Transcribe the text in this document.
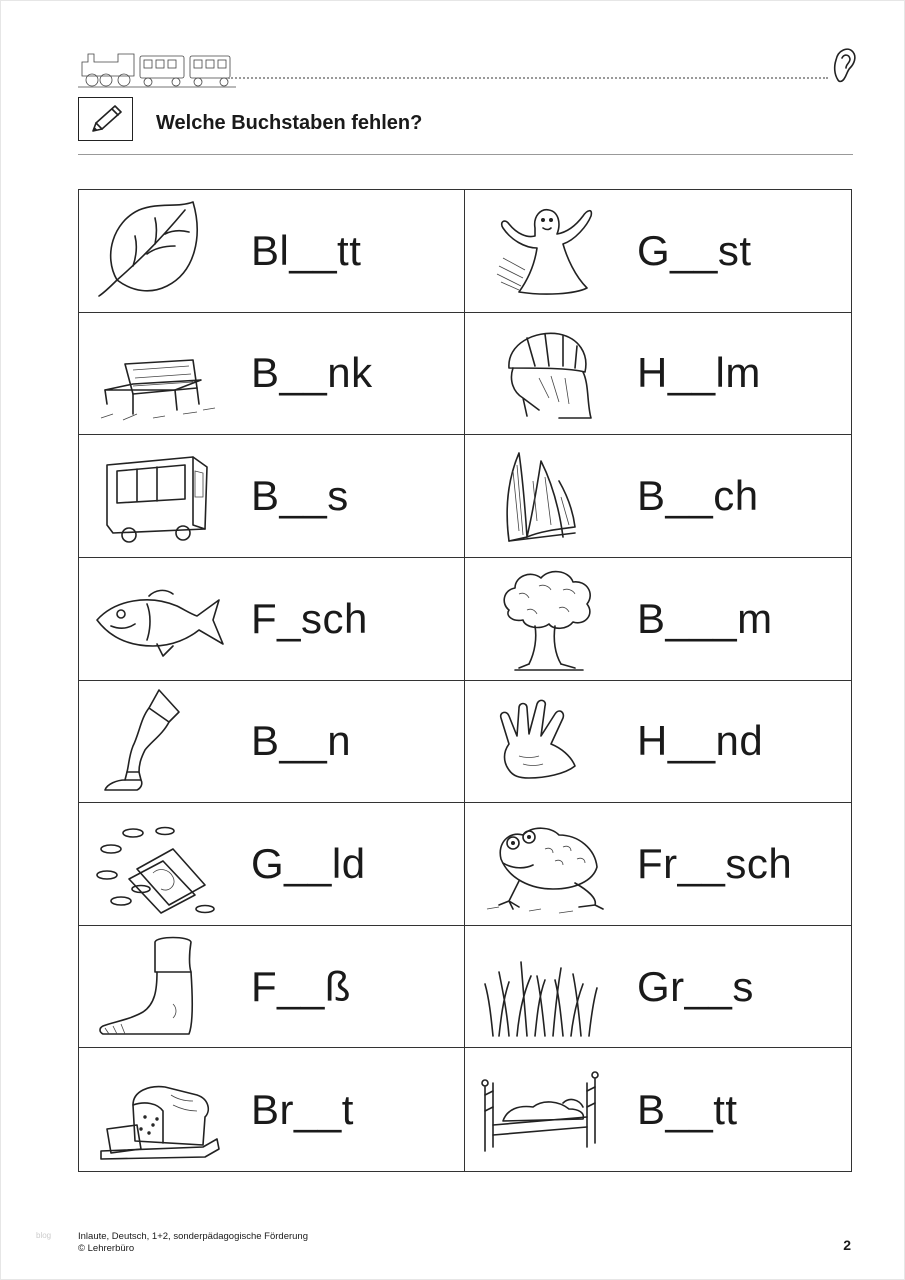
Welche Buchstaben fehlen?
Bl__tt	G__st
B__nk	H__lm
B__s	B__ch
F_sch	B___m
B__n	H__nd
G__ld	Fr__sch
F__ß	Gr__s
Br__t	B__tt
blog	Inlaute, Deutsch, 1+2, sonderpädagogische Förderung
© Lehrerbüro	2
